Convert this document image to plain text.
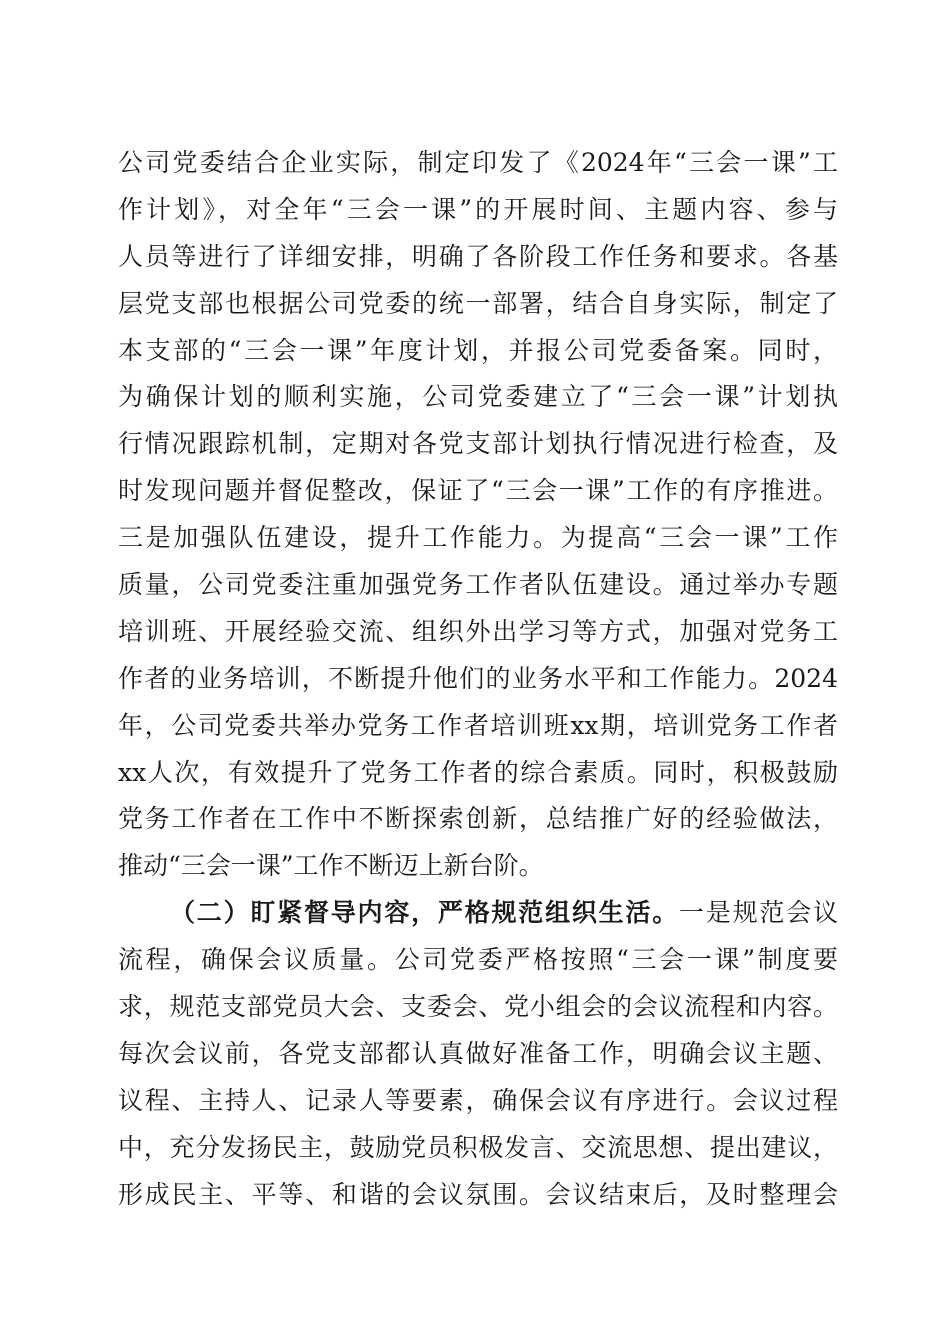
公司党委结合企业实际，制定印发了《2024年“三会一课”工
作计划》，对全年“三会一课”的开展时间、主题内容、参与
人员等进行了详细安排，明确了各阶段工作任务和要求。各基
层党支部也根据公司党委的统一部署，结合自身实际，制定了
本支部的“三会一课”年度计划，并报公司党委备案。同时，
为确保计划的顺利实施，公司党委建立了“三会一课”计划执
行情况跟踪机制，定期对各党支部计划执行情况进行检查，及
时发现问题并督促整改，保证了“三会一课”工作的有序推进。
三是加强队伍建设，提升工作能力。为提高“三会一课”工作
质量，公司党委注重加强党务工作者队伍建设。通过举办专题
培训班、开展经验交流、组织外出学习等方式，加强对党务工
作者的业务培训，不断提升他们的业务水平和工作能力。2024
年，公司党委共举办党务工作者培训班xx期，培训党务工作者
xx人次，有效提升了党务工作者的综合素质。同时，积极鼓励
党务工作者在工作中不断探索创新，总结推广好的经验做法，
推动“三会一课”工作不断迈上新台阶。
（二）盯紧督导内容，严格规范组织生活。一是规范会议
流程，确保会议质量。公司党委严格按照“三会一课”制度要
求，规范支部党员大会、支委会、党小组会的会议流程和内容。
每次会议前，各党支部都认真做好准备工作，明确会议主题、
议程、主持人、记录人等要素，确保会议有序进行。会议过程
中，充分发扬民主，鼓励党员积极发言、交流思想、提出建议，
形成民主、平等、和谐的会议氛围。会议结束后，及时整理会
